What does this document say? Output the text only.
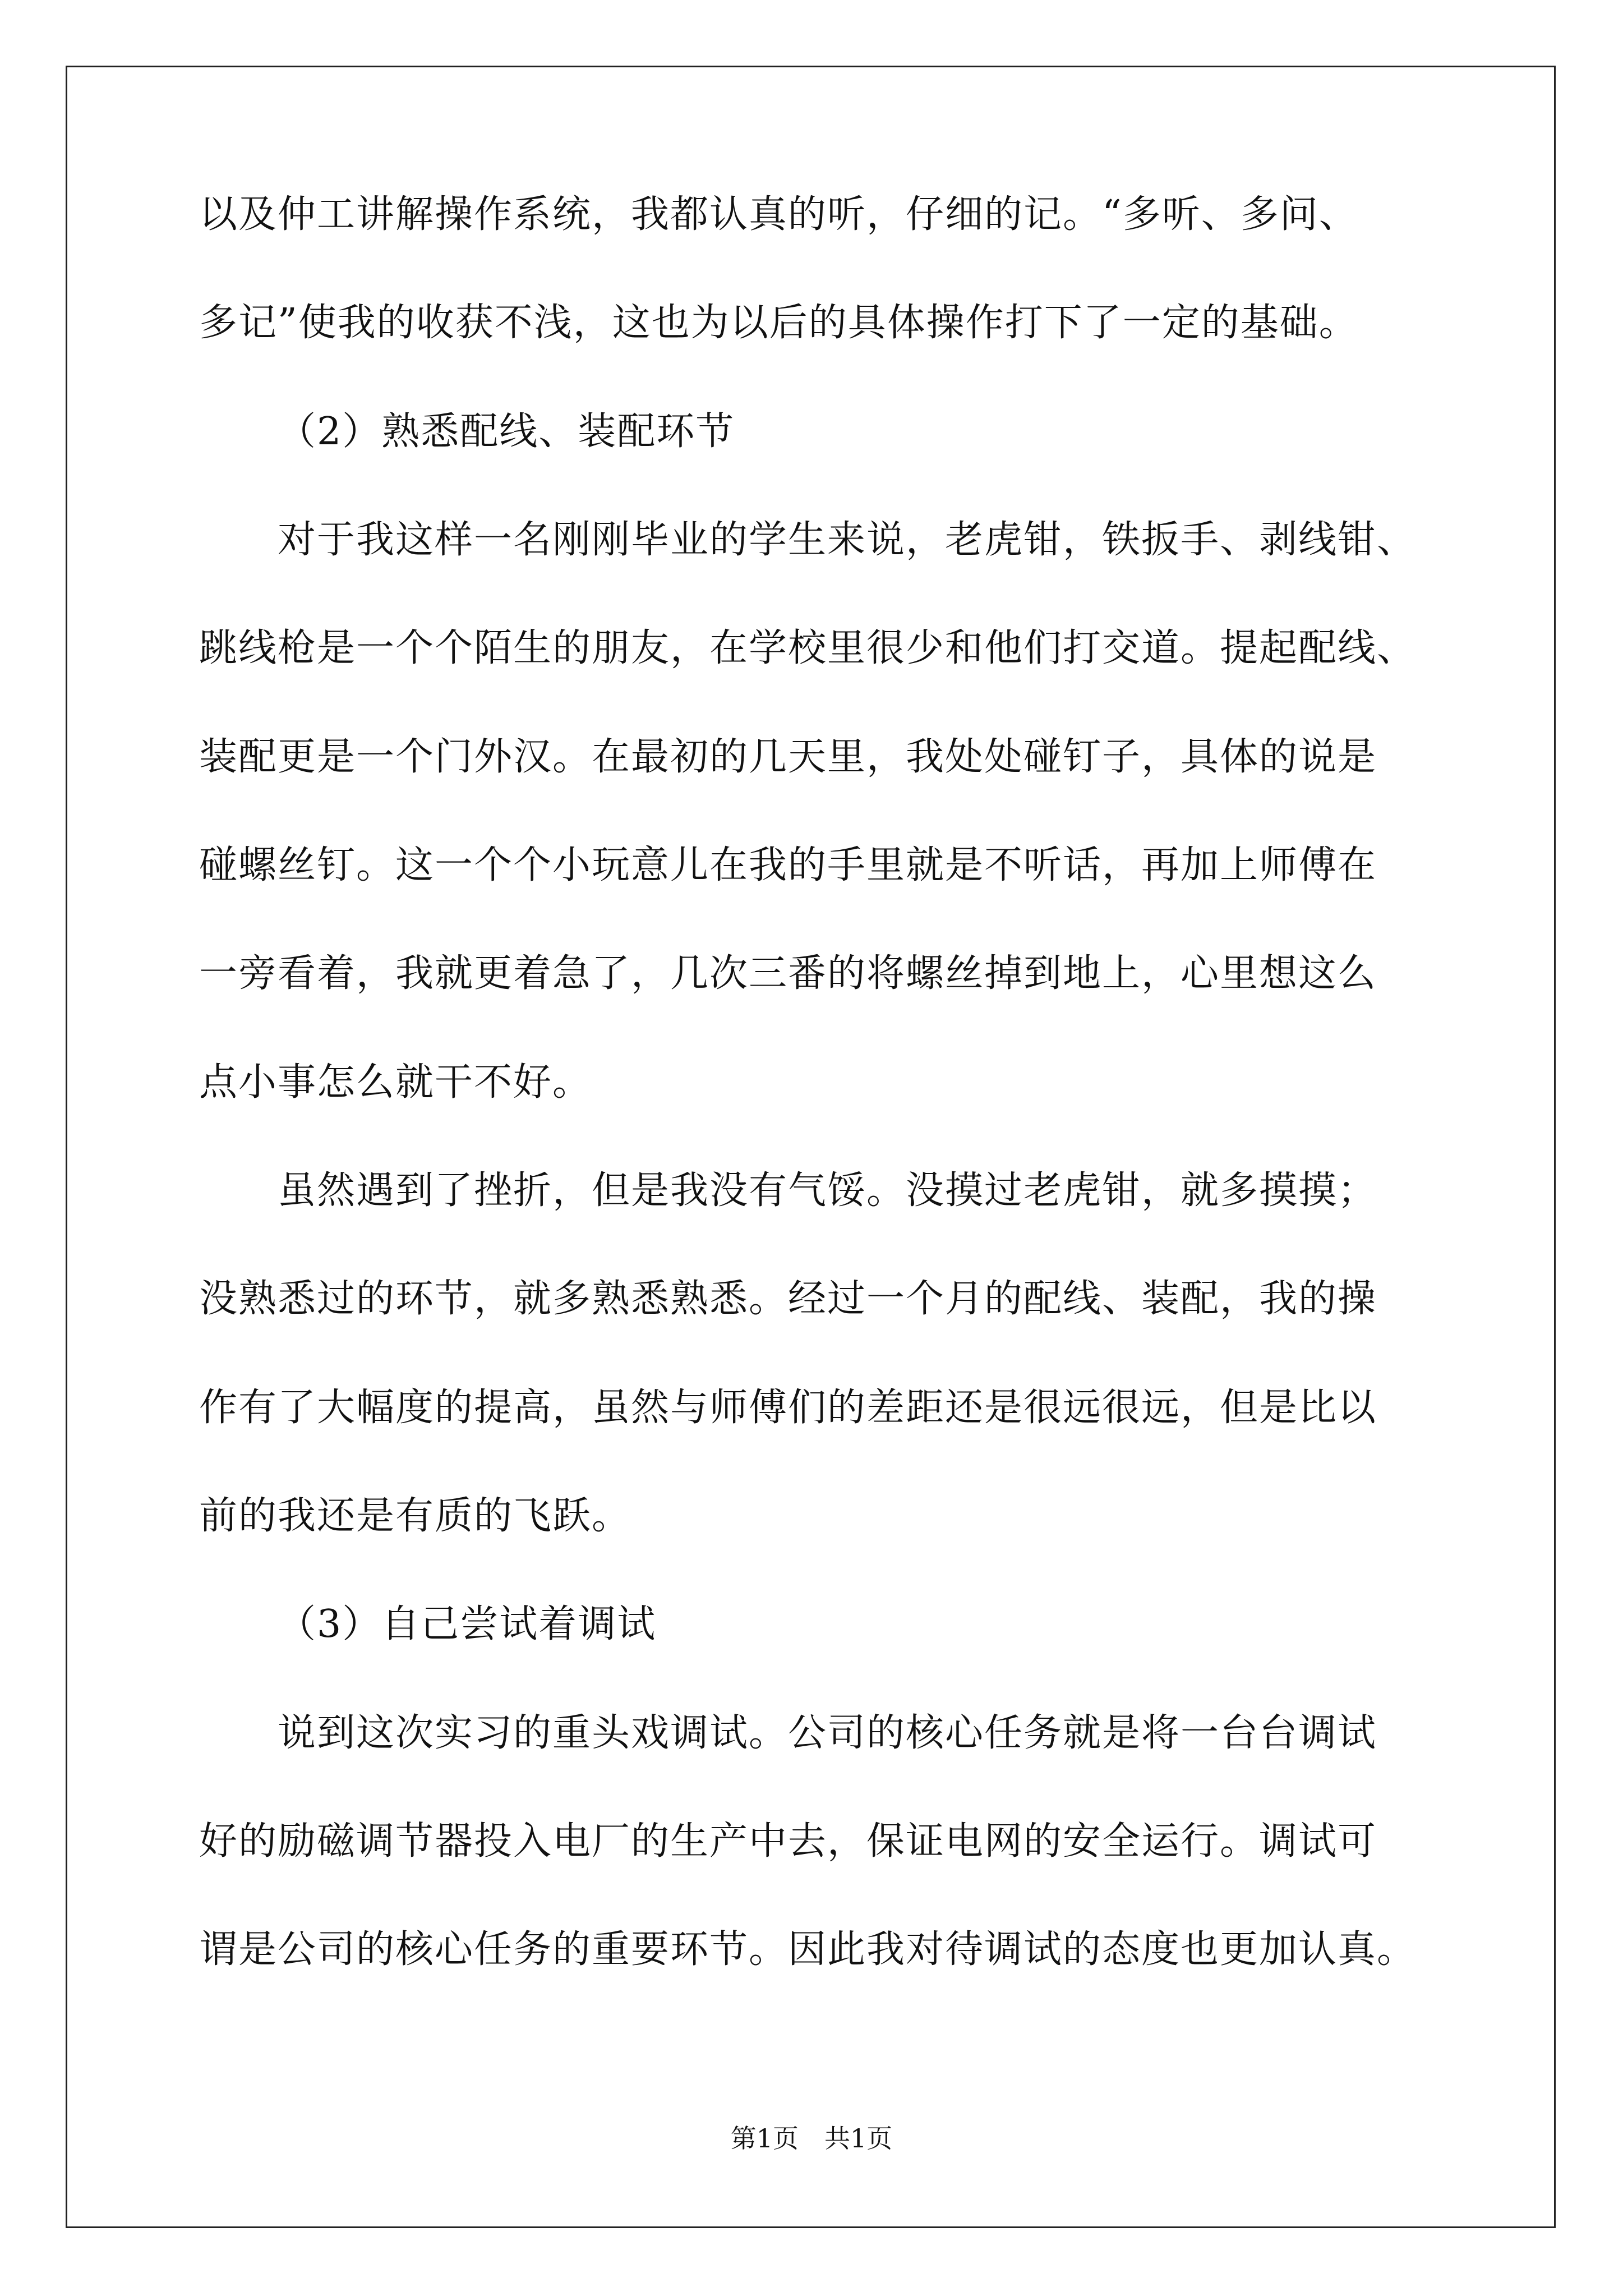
以及仲工讲解操作系统，我都认真的听，仔细的记。“多听、多问、
多记”使我的收获不浅，这也为以后的具体操作打下了一定的基础。
（2）熟悉配线、装配环节
对于我这样一名刚刚毕业的学生来说，老虎钳，铁扳手、剥线钳、
跳线枪是一个个陌生的朋友，在学校里很少和他们打交道。提起配线、
装配更是一个门外汉。在最初的几天里，我处处碰钉子，具体的说是
碰螺丝钉。这一个个小玩意儿在我的手里就是不听话，再加上师傅在
一旁看着，我就更着急了，几次三番的将螺丝掉到地上，心里想这么
点小事怎么就干不好。
虽然遇到了挫折，但是我没有气馁。没摸过老虎钳，就多摸摸；
没熟悉过的环节，就多熟悉熟悉。经过一个月的配线、装配，我的操
作有了大幅度的提高，虽然与师傅们的差距还是很远很远，但是比以
前的我还是有质的飞跃。
（3）自己尝试着调试
说到这次实习的重头戏调试。公司的核心任务就是将一台台调试
好的励磁调节器投入电厂的生产中去，保证电网的安全运行。调试可
谓是公司的核心任务的重要环节。因此我对待调试的态度也更加认真。
第1页　共1页
